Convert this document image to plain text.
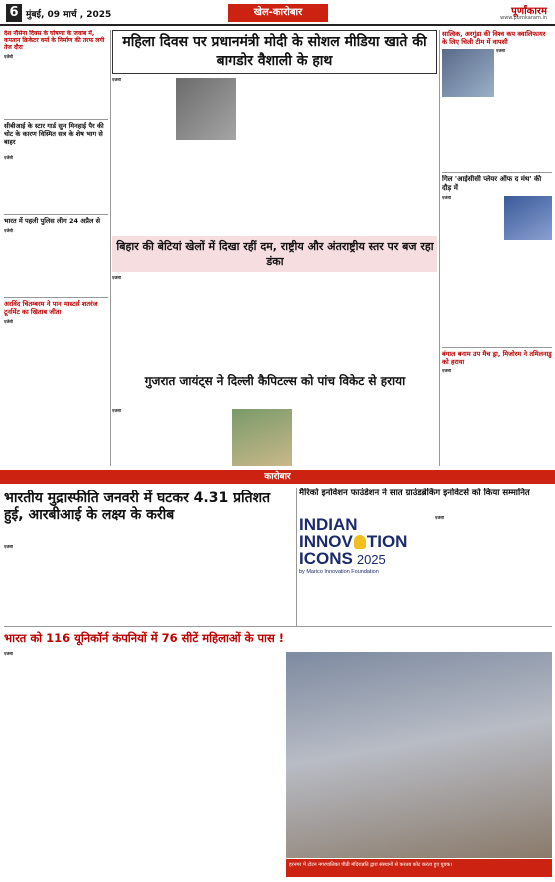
6 मुंबई, 09 मार्च , 2025	खेल-कारोबार	पूर्णांकारम
www.purnkaram.in
देश नौसेना दिवस के घोषणा के जवाब में, कपतान क्रिकेटर वर्मा के निर्माण की तरफ लगी तेज दौरा
एजेंसी
सीबीआई के स्टार गार्ड सुन मिनहाई पैर की चोट के कारण विस्मित सत्र के शेष भाग से बाहर
एजेंसी
भारत में पहली पुलिस लीग 24 अप्रैल से
एजेंसी
अरविंद चितम्बरम ने पान मास्टर्स शतरंज टूर्नामेंट का खिताब जीता
एजेंसी
महिला दिवस पर प्रधानमंत्री मोदी के सोशल मीडिया खाते की बागडोर वैशाली के हाथ
एजेंसी
बिहार की बेटियां खेलों में दिखा रहीं दम, राष्ट्रीय और अंतराष्ट्रीय स्तर पर बज रहा डंका
एजेंसी
गुजरात जायंट्स ने दिल्ली कैपिटल्स को पांच विकेट से हराया
एजेंसी
सात्विक, अरगुंडा की विश्व कप क्वालिफायर के लिए चिली टीम में वापसी
एजेंसी
गिल 'आईसीसी प्लेयर ऑफ द मंथ' की दौड़ में
एजेंसी
बंगाल बनाम उप मैच ड्रा, मिजोरम ने तमिलनाडु को हराया
एजेंसी
कारोबार
भारतीय मुद्रास्फीति जनवरी में घटकर 4.31 प्रतिशत हुई, आरबीआई के लक्ष्य के करीब
एजेंसी
मैरिको इनोवेशन फाउंडेशन ने सात ग्राउंडब्रेकिंग इनोवेटर्स को किया सम्मानित
INDIAN
INNOV TION
ICONS 2025
by Marico Innovation Foundation
एजेंसी
भारत को 116 यूनिकॉर्न कंपनियों में 76 सीटें महिलाओं के पास !
एजेंसी
हरनगर में टोटन नगरपालिका पीठी मंदिरान्नति द्वारा संस्थानों से करतब कोट करता हुए युवक।
